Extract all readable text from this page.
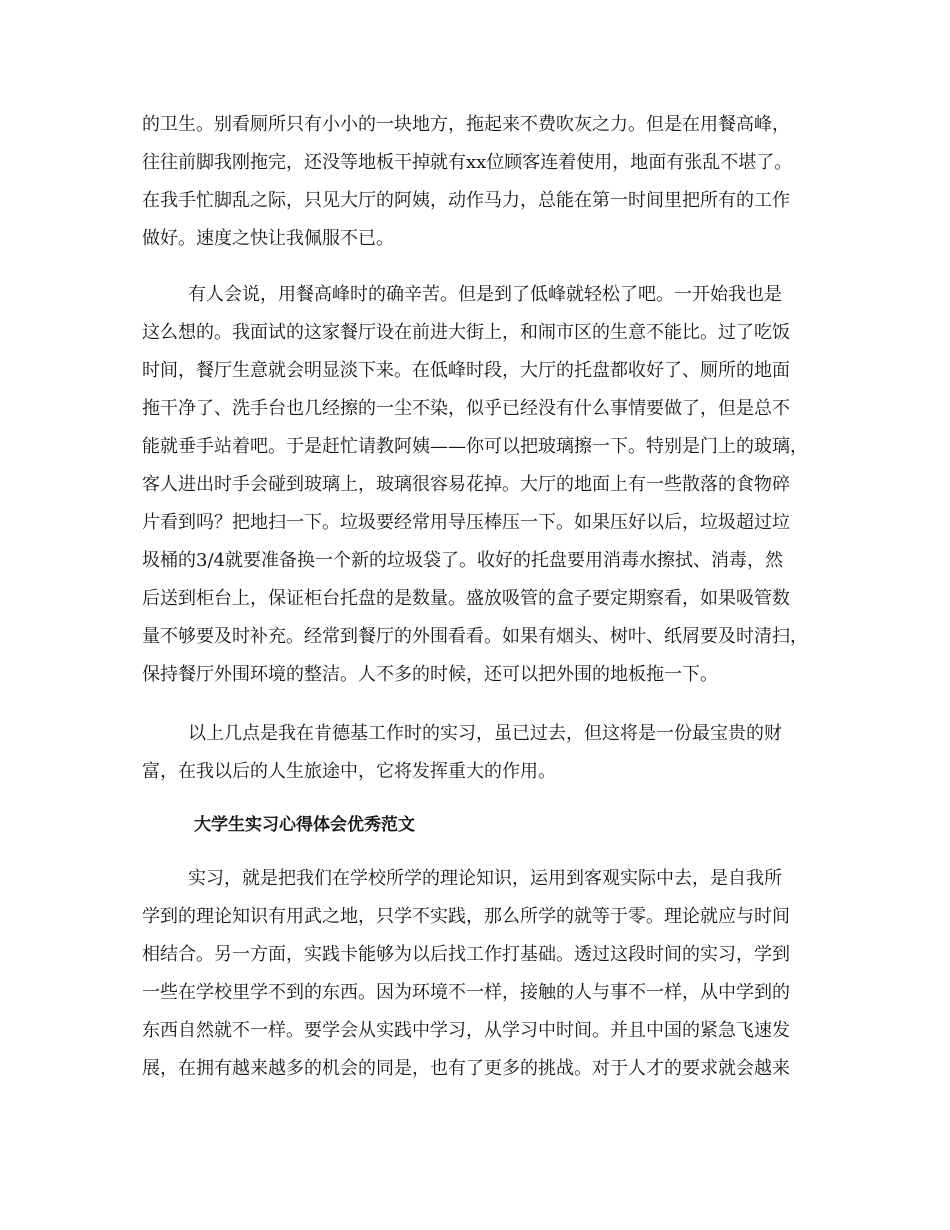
的卫生。别看厕所只有小小的一块地方，拖起来不费吹灰之力。但是在用餐高峰，

往往前脚我刚拖完，还没等地板干掉就有xx位顾客连着使用，地面有张乱不堪了。

在我手忙脚乱之际，只见大厅的阿姨，动作马力，总能在第一时间里把所有的工作

做好。速度之快让我佩服不已。

有人会说，用餐高峰时的确辛苦。但是到了低峰就轻松了吧。一开始我也是

这么想的。我面试的这家餐厅设在前进大街上，和闹市区的生意不能比。过了吃饭

时间，餐厅生意就会明显淡下来。在低峰时段，大厅的托盘都收好了、厕所的地面

拖干净了、洗手台也几经擦的一尘不染，似乎已经没有什么事情要做了，但是总不

能就垂手站着吧。于是赶忙请教阿姨——你可以把玻璃擦一下。特别是门上的玻璃，

客人进出时手会碰到玻璃上，玻璃很容易花掉。大厅的地面上有一些散落的食物碎

片看到吗？把地扫一下。垃圾要经常用导压棒压一下。如果压好以后，垃圾超过垃

圾桶的3/4就要准备换一个新的垃圾袋了。收好的托盘要用消毒水擦拭、消毒，然

后送到柜台上，保证柜台托盘的是数量。盛放吸管的盒子要定期察看，如果吸管数

量不够要及时补充。经常到餐厅的外围看看。如果有烟头、树叶、纸屑要及时清扫，

保持餐厅外围环境的整洁。人不多的时候，还可以把外围的地板拖一下。

以上几点是我在肯德基工作时的实习，虽已过去，但这将是一份最宝贵的财

富，在我以后的人生旅途中，它将发挥重大的作用。

大学生实习心得体会优秀范文

实习，就是把我们在学校所学的理论知识，运用到客观实际中去，是自我所

学到的理论知识有用武之地，只学不实践，那么所学的就等于零。理论就应与时间

相结合。另一方面，实践卡能够为以后找工作打基础。透过这段时间的实习，学到

一些在学校里学不到的东西。因为环境不一样，接触的人与事不一样，从中学到的

东西自然就不一样。要学会从实践中学习，从学习中时间。并且中国的紧急飞速发

展，在拥有越来越多的机会的同是，也有了更多的挑战。对于人才的要求就会越来
